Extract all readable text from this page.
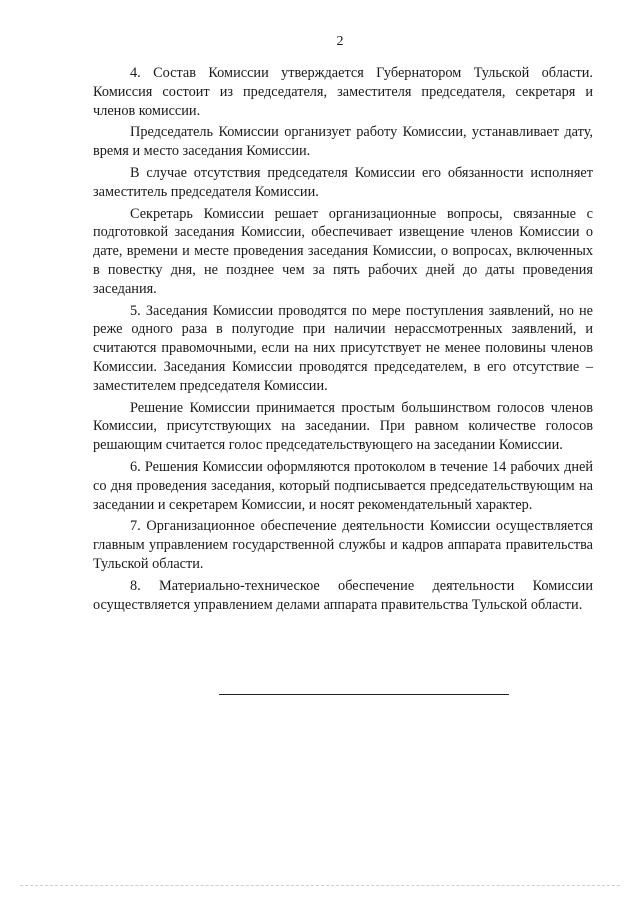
2

4. Состав Комиссии утверждается Губернатором Тульской области. Комиссия состоит из председателя, заместителя председателя, секретаря и членов комиссии.

Председатель Комиссии организует работу Комиссии, устанавливает дату, время и место заседания Комиссии.

В случае отсутствия председателя Комиссии его обязанности исполняет заместитель председателя Комиссии.

Секретарь Комиссии решает организационные вопросы, связанные с подготовкой заседания Комиссии, обеспечивает извещение членов Комиссии о дате, времени и месте проведения заседания Комиссии, о вопросах, включенных в повестку дня, не позднее чем за пять рабочих дней до даты проведения заседания.

5. Заседания Комиссии проводятся по мере поступления заявлений, но не реже одного раза в полугодие при наличии нерассмотренных заявлений, и считаются правомочными, если на них присутствует не менее половины членов Комиссии. Заседания Комиссии проводятся председателем, в его отсутствие – заместителем председателя Комиссии.

Решение Комиссии принимается простым большинством голосов членов Комиссии, присутствующих на заседании. При равном количестве голосов решающим считается голос председательствующего на заседании Комиссии.

6. Решения Комиссии оформляются протоколом в течение 14 рабочих дней со дня проведения заседания, который подписывается председательствующим на заседании и секретарем Комиссии, и носят рекомендательный характер.

7. Организационное обеспечение деятельности Комиссии осуществляется главным управлением государственной службы и кадров аппарата правительства Тульской области.

8. Материально-техническое обеспечение деятельности Комиссии осуществляется управлением делами аппарата правительства Тульской области.
